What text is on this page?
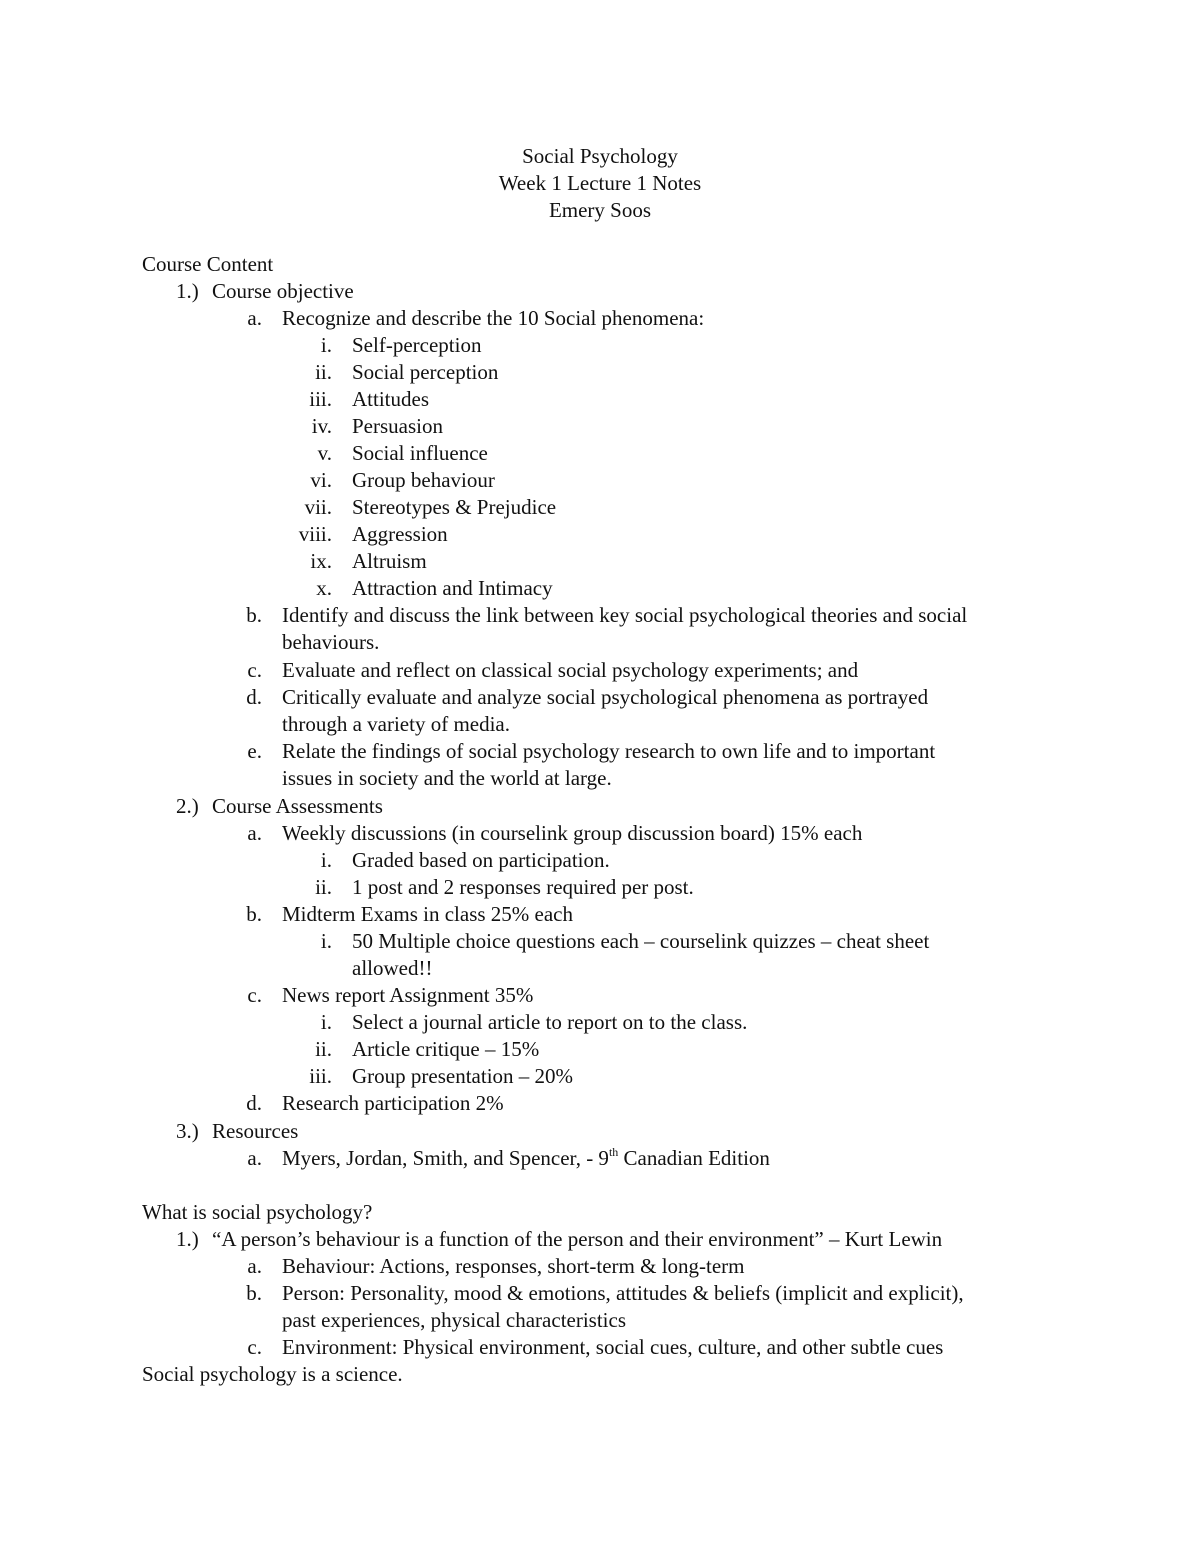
Social Psychology
Week 1 Lecture 1 Notes
Emery Soos
Course Content
1.) Course objective
a. Recognize and describe the 10 Social phenomena:
i. Self-perception
ii. Social perception
iii. Attitudes
iv. Persuasion
v. Social influence
vi. Group behaviour
vii. Stereotypes & Prejudice
viii. Aggression
ix. Altruism
x. Attraction and Intimacy
b. Identify and discuss the link between key social psychological theories and social
behaviours.
c. Evaluate and reflect on classical social psychology experiments; and
d. Critically evaluate and analyze social psychological phenomena as portrayed
through a variety of media.
e. Relate the findings of social psychology research to own life and to important
issues in society and the world at large.
2.) Course Assessments
a. Weekly discussions (in courselink group discussion board) 15% each
i. Graded based on participation.
ii. 1 post and 2 responses required per post.
b. Midterm Exams in class 25% each
i. 50 Multiple choice questions each – courselink quizzes – cheat sheet
allowed!!
c. News report Assignment 35%
i. Select a journal article to report on to the class.
ii. Article critique – 15%
iii. Group presentation – 20%
d. Research participation 2%
3.) Resources
a. Myers, Jordan, Smith, and Spencer, - 9th Canadian Edition
What is social psychology?
1.) “A person’s behaviour is a function of the person and their environment” – Kurt Lewin
a. Behaviour: Actions, responses, short-term & long-term
b. Person: Personality, mood & emotions, attitudes & beliefs (implicit and explicit),
past experiences, physical characteristics
c. Environment: Physical environment, social cues, culture, and other subtle cues
Social psychology is a science.
